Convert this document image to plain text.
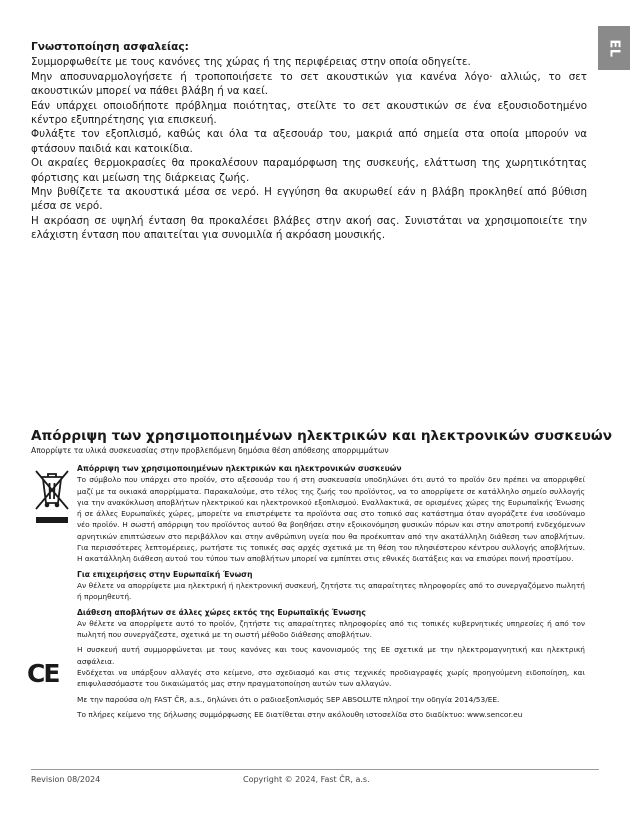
EL
Γνωστοποίηση ασφαλείας:

Συμμορφωθείτε με τους κανόνες της χώρας ή της περιφέρειας στην οποία οδηγείτε.

Μην αποσυναρμολογήσετε ή τροποποιήσετε το σετ ακουστικών για κανένα λόγο· αλλιώς, το σετ ακουστικών μπορεί να πάθει βλάβη ή να καεί.

Εάν υπάρχει οποιοδήποτε πρόβλημα ποιότητας, στείλτε το σετ ακουστικών σε ένα εξουσιοδοτημένο κέντρο εξυπηρέτησης για επισκευή.

Φυλάξτε τον εξοπλισμό, καθώς και όλα τα αξεσουάρ του, μακριά από σημεία στα οποία μπορούν να φτάσουν παιδιά και κατοικίδια.

Οι ακραίες θερμοκρασίες θα προκαλέσουν παραμόρφωση της συσκευής, ελάττωση της χωρητικότητας φόρτισης και μείωση της διάρκειας ζωής.

Μην βυθίζετε τα ακουστικά μέσα σε νερό. Η εγγύηση θα ακυρωθεί εάν η βλάβη προκληθεί από βύθιση μέσα σε νερό.

Η ακρόαση σε υψηλή ένταση θα προκαλέσει βλάβες στην ακοή σας. Συνιστάται να χρησιμοποιείτε την ελάχιστη ένταση που απαιτείται για συνομιλία ή ακρόαση μουσικής.

Απόρριψη των χρησιμοποιημένων ηλεκτρικών και ηλεκτρονικών συσκευών

Απορρίψτε τα υλικά συσκευασίας στην προβλεπόμενη δημόσια θέση απόθεσης απορριμμάτων

CE

Απόρριψη των χρησιμοποιημένων ηλεκτρικών και ηλεκτρονικών συσκευών

Το σύμβολο που υπάρχει στο προϊόν, στο αξεσουάρ του ή στη συσκευασία υποδηλώνει ότι αυτό το προϊόν δεν πρέπει να απορριφθεί μαζί με τα οικιακά απορρίμματα. Παρακαλούμε, στο τέλος της ζωής του προϊόντος, να το απορρίψετε σε κατάλληλο σημείο συλλογής για την ανακύκλωση αποβλήτων ηλεκτρικού και ηλεκτρονικού εξοπλισμού. Εναλλακτικά, σε ορισμένες χώρες της Ευρωπαϊκής Ένωσης ή σε άλλες Ευρωπαϊκές χώρες, μπορείτε να επιστρέψετε τα προϊόντα σας στο τοπικό σας κατάστημα όταν αγοράζετε ένα ισοδύναμο νέο προϊόν. Η σωστή απόρριψη του προϊόντος αυτού θα βοηθήσει στην εξοικονόμηση φυσικών πόρων και στην αποτροπή ενδεχόμενων αρνητικών επιπτώσεων στο περιβάλλον και στην ανθρώπινη υγεία που θα προέκυπταν από την ακατάλληλη διάθεση των αποβλήτων. Για περισσότερες λεπτομέρειες, ρωτήστε τις τοπικές σας αρχές σχετικά με τη θέση του πλησιέστερου κέντρου συλλογής αποβλήτων. Η ακατάλληλη διάθεση αυτού του τύπου των αποβλήτων μπορεί να εμπίπτει στις εθνικές διατάξεις και να επισύρει ποινή προστίμου.

Για επιχειρήσεις στην Ευρωπαϊκή Ένωση

Αν θέλετε να απορρίψετε μια ηλεκτρική ή ηλεκτρονική συσκευή, ζητήστε τις απαραίτητες πληροφορίες από το συνεργαζόμενο πωλητή ή προμηθευτή.

Διάθεση αποβλήτων σε άλλες χώρες εκτός της Ευρωπαϊκής Ένωσης

Αν θέλετε να απορρίψετε αυτό το προϊόν, ζητήστε τις απαραίτητες πληροφορίες από τις τοπικές κυβερνητικές υπηρεσίες ή από τον πωλητή που συνεργάζεστε, σχετικά με τη σωστή μέθοδο διάθεσης αποβλήτων.

Η συσκευή αυτή συμμορφώνεται με τους κανόνες και τους κανονισμούς της ΕΕ σχετικά με την ηλεκτρομαγνητική και ηλεκτρική ασφάλεια.

Ενδέχεται να υπάρξουν αλλαγές στο κείμενο, στο σχεδιασμό και στις τεχνικές προδιαγραφές χωρίς προηγούμενη ειδοποίηση, και επιφυλασσόμαστε του δικαιώματός μας στην πραγματοποίηση αυτών των αλλαγών.

Με την παρούσα ο/η FAST ČR, a.s., δηλώνει ότι ο ραδιοεξοπλισμός SEP ABSOLUTE πληροί την οδηγία 2014/53/ΕΕ.

Το πλήρες κείμενο της δήλωσης συμμόρφωσης ΕΕ διατίθεται στην ακόλουθη ιστοσελίδα στο διαδίκτυο: www.sencor.eu

Revision 08/2024	Copyright © 2024, Fast ČR, a.s.
